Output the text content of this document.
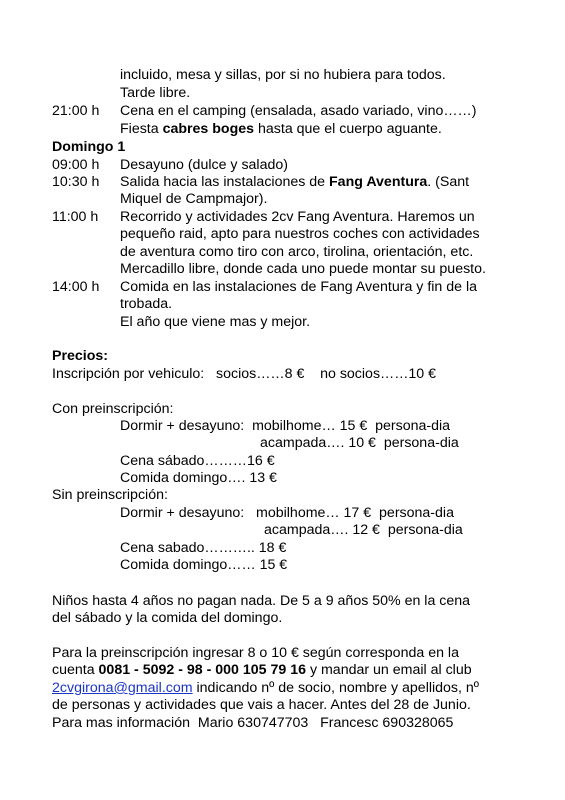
incluido, mesa y sillas, por si no hubiera para todos.
Tarde libre.
21:00 h Cena en el camping (ensalada, asado variado, vino……)
Fiesta cabres boges hasta que el cuerpo aguante.
Domingo 1
09:00 h Desayuno (dulce y salado)
10:30 h Salida hacia las instalaciones de Fang Aventura. (Sant
Miquel de Campmajor).
11:00 h Recorrido y actividades 2cv Fang Aventura. Haremos un
pequeño raid, apto para nuestros coches con actividades
de aventura como tiro con arco, tirolina, orientación, etc.
Mercadillo libre, donde cada uno puede montar su puesto.
14:00 h Comida en las instalaciones de Fang Aventura y fin de la
trobada.
El año que viene mas y mejor.
Precios:
Inscripción por vehiculo:   socios……8 €    no socios……10 €
Con preinscripción:
Dormir + desayuno:  mobilhome… 15 €  persona-dia
acampada…. 10 €  persona-dia
Cena sábado………16 €
Comida domingo…. 13 €
Sin preinscripción:
Dormir + desayuno:   mobilhome… 17 €  persona-dia
acampada…. 12 €  persona-dia
Cena sabado……….. 18 €
Comida domingo…… 15 €
Niños hasta 4 años no pagan nada. De 5 a 9 años 50% en la cena
del sábado y la comida del domingo.
Para la preinscripción ingresar 8 o 10 € según corresponda en la
cuenta 0081 - 5092 - 98 - 000 105 79 16 y mandar un email al club
2cvgirona@gmail.com indicando nº de socio, nombre y apellidos, nº
de personas y actividades que vais a hacer. Antes del 28 de Junio.
Para mas información  Mario 630747703   Francesc 690328065
